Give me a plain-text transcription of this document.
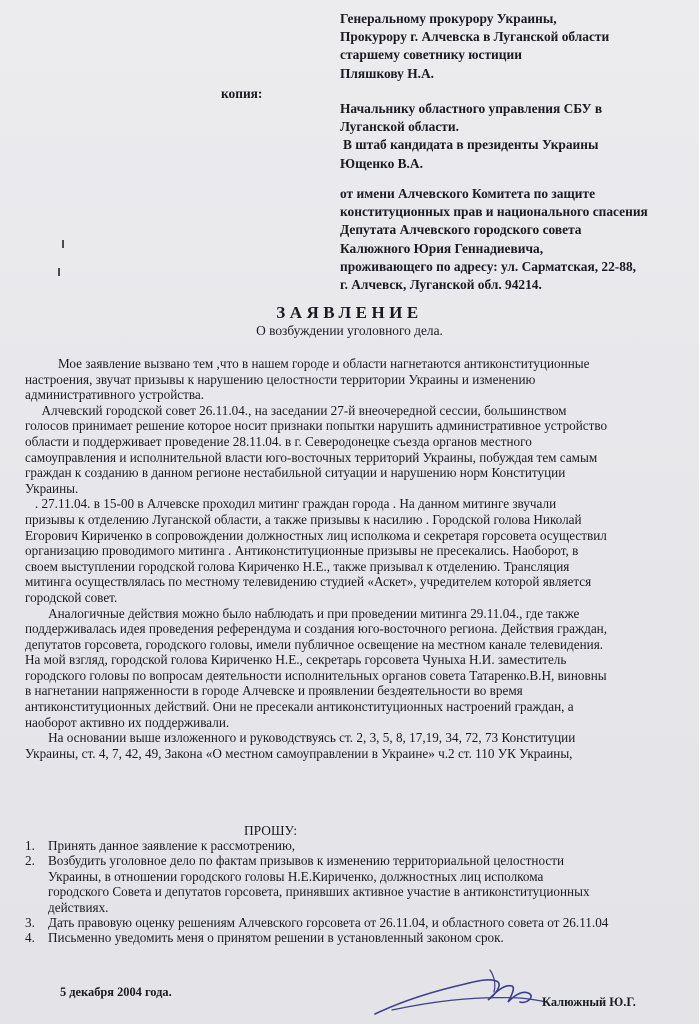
Генеральному прокурору Украины,
Прокурору г. Алчевска в Луганской области
старшему советнику юстиции
Пляшкову Н.А.
копия:
Начальнику областного управления СБУ в
Луганской области.
В штаб кандидата в президенты Украины
Ющенко В.А.
от имени Алчевского Комитета по защите
конституционных прав и национального спасения
Депутата Алчевского городского совета
Калюжного Юрия Геннадиевича,
проживающего по адресу: ул. Сарматская, 22-88,
г. Алчевск, Луганской обл. 94214.
ЗАЯВЛЕНИЕ
О возбуждении уголовного дела.

Мое заявление вызвано тем ,что в нашем городе и области нагнетаются антиконституционные
настроения, звучат призывы к нарушению целостности территории Украины и изменению
административного устройства.

Алчевский городской совет 26.11.04., на заседании 27-й внеочередной сессии, большинством
голосов принимает решение которое носит признаки попытки нарушить административное устройство
области и поддерживает проведение 28.11.04. в г. Северодонецке съезда органов местного
самоуправления и исполнительной власти юго-восточных территорий Украины, побуждая тем самым
граждан к созданию в данном регионе нестабильной ситуации и нарушению норм Конституции
Украины.

. 27.11.04. в 15-00 в Алчевске проходил митинг граждан города . На данном митинге звучали
призывы к отделению Луганской области, а также призывы к насилию . Городской голова Николай
Егорович Кириченко в сопровождении должностных лиц исполкома и секретаря горсовета осуществил
организацию проводимого митинга . Антиконституционные призывы не пресекались. Наоборот, в
своем выступлении городской голова Кириченко Н.Е., также призывал к отделению. Трансляция
митинга осуществлялась по местному телевидению студией «Аскет», учредителем которой является
городской совет.

Аналогичные действия можно было наблюдать и при проведении митинга 29.11.04., где также
поддерживалась идея проведения референдума и создания юго-восточного региона. Действия граждан,
депутатов горсовета, городского головы, имели публичное освещение на местном канале телевидения.
На мой взгляд, городской голова Кириченко Н.Е., секретарь горсовета Чуныха Н.И. заместитель
городского головы по вопросам деятельности исполнительных органов совета Татаренко.В.Н, виновны
в нагнетании напряженности в городе Алчевске и проявлении бездеятельности во время
антиконституционных действий. Они не пресекали антиконституционных настроений граждан, а
наоборот активно их поддерживали.

На основании выше изложенного и руководствуясь ст. 2, 3, 5, 8, 17,19, 34, 72, 73 Конституции
Украины, ст. 4, 7, 42, 49, Закона «О местном самоуправлении в Украине» ч.2 ст. 110 УК Украины,

ПРОШУ:
1. Принять данное заявление к рассмотрению,
2. Возбудить уголовное дело по фактам призывов к изменению территориальной целостности
Украины, в отношении городского головы Н.Е.Кириченко, должностных лиц исполкома
городского Совета и депутатов горсовета, принявших активное участие в антиконституционных
действиях.
3. Дать правовую оценку решениям Алчевского горсовета от 26.11.04, и областного совета от 26.11.04
4. Письменно уведомить меня о принятом решении в установленный законом срок.
5 декабря 2004 года.
Калюжный Ю.Г.
